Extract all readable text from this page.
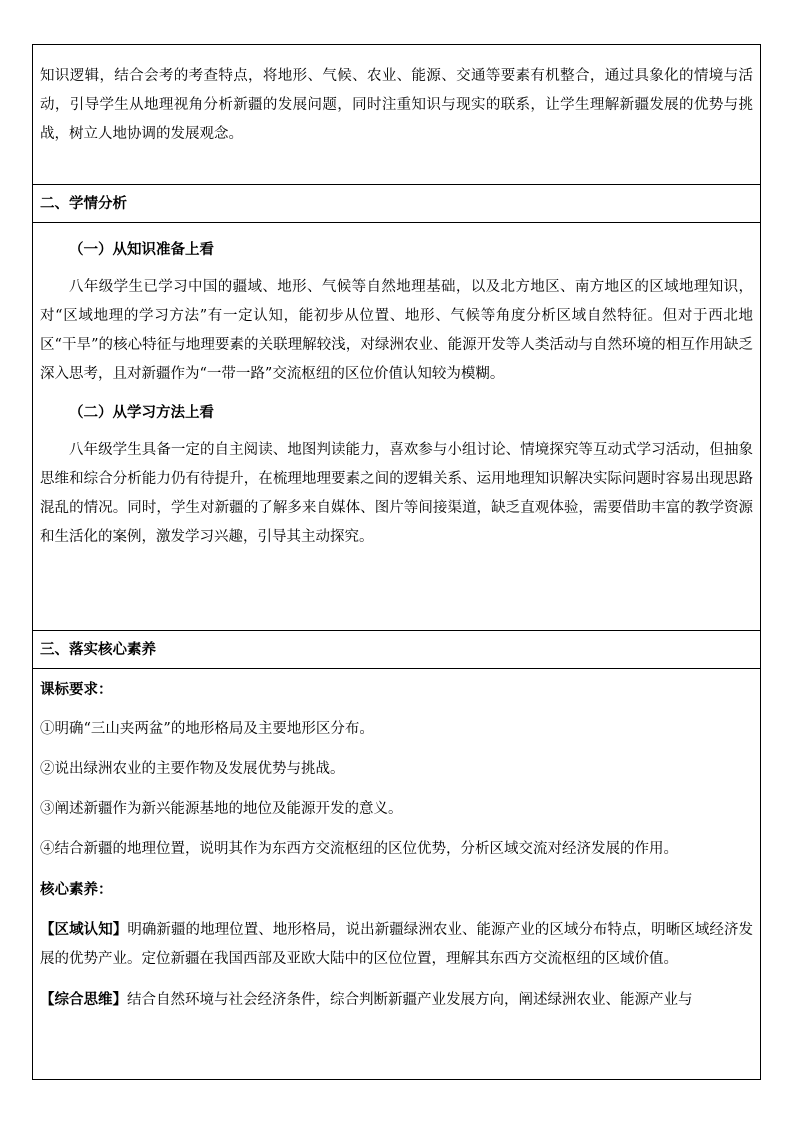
知识逻辑，结合会考的考查特点，将地形、气候、农业、能源、交通等要素有机整合，通过具象化的情境与活动，引导学生从地理视角分析新疆的发展问题，同时注重知识与现实的联系，让学生理解新疆发展的优势与挑战，树立人地协调的发展观念。

二、学情分析

（一）从知识准备上看

八年级学生已学习中国的疆域、地形、气候等自然地理基础，以及北方地区、南方地区的区域地理知识，对“区域地理的学习方法”有一定认知，能初步从位置、地形、气候等角度分析区域自然特征。但对于西北地区“干旱”的核心特征与地理要素的关联理解较浅，对绿洲农业、能源开发等人类活动与自然环境的相互作用缺乏深入思考，且对新疆作为“一带一路”交流枢纽的区位价值认知较为模糊。

（二）从学习方法上看

八年级学生具备一定的自主阅读、地图判读能力，喜欢参与小组讨论、情境探究等互动式学习活动，但抽象思维和综合分析能力仍有待提升，在梳理地理要素之间的逻辑关系、运用地理知识解决实际问题时容易出现思路混乱的情况。同时，学生对新疆的了解多来自媒体、图片等间接渠道，缺乏直观体验，需要借助丰富的教学资源和生活化的案例，激发学习兴趣，引导其主动探究。

三、落实核心素养

课标要求：

①明确“三山夹两盆”的地形格局及主要地形区分布。

②说出绿洲农业的主要作物及发展优势与挑战。

③阐述新疆作为新兴能源基地的地位及能源开发的意义。

④结合新疆的地理位置，说明其作为东西方交流枢纽的区位优势，分析区域交流对经济发展的作用。

核心素养：

【区域认知】明确新疆的地理位置、地形格局，说出新疆绿洲农业、能源产业的区域分布特点，明晰区域经济发展的优势产业。定位新疆在我国西部及亚欧大陆中的区位位置，理解其东西方交流枢纽的区域价值。

【综合思维】结合自然环境与社会经济条件，综合判断新疆产业发展方向，阐述绿洲农业、能源产业与
